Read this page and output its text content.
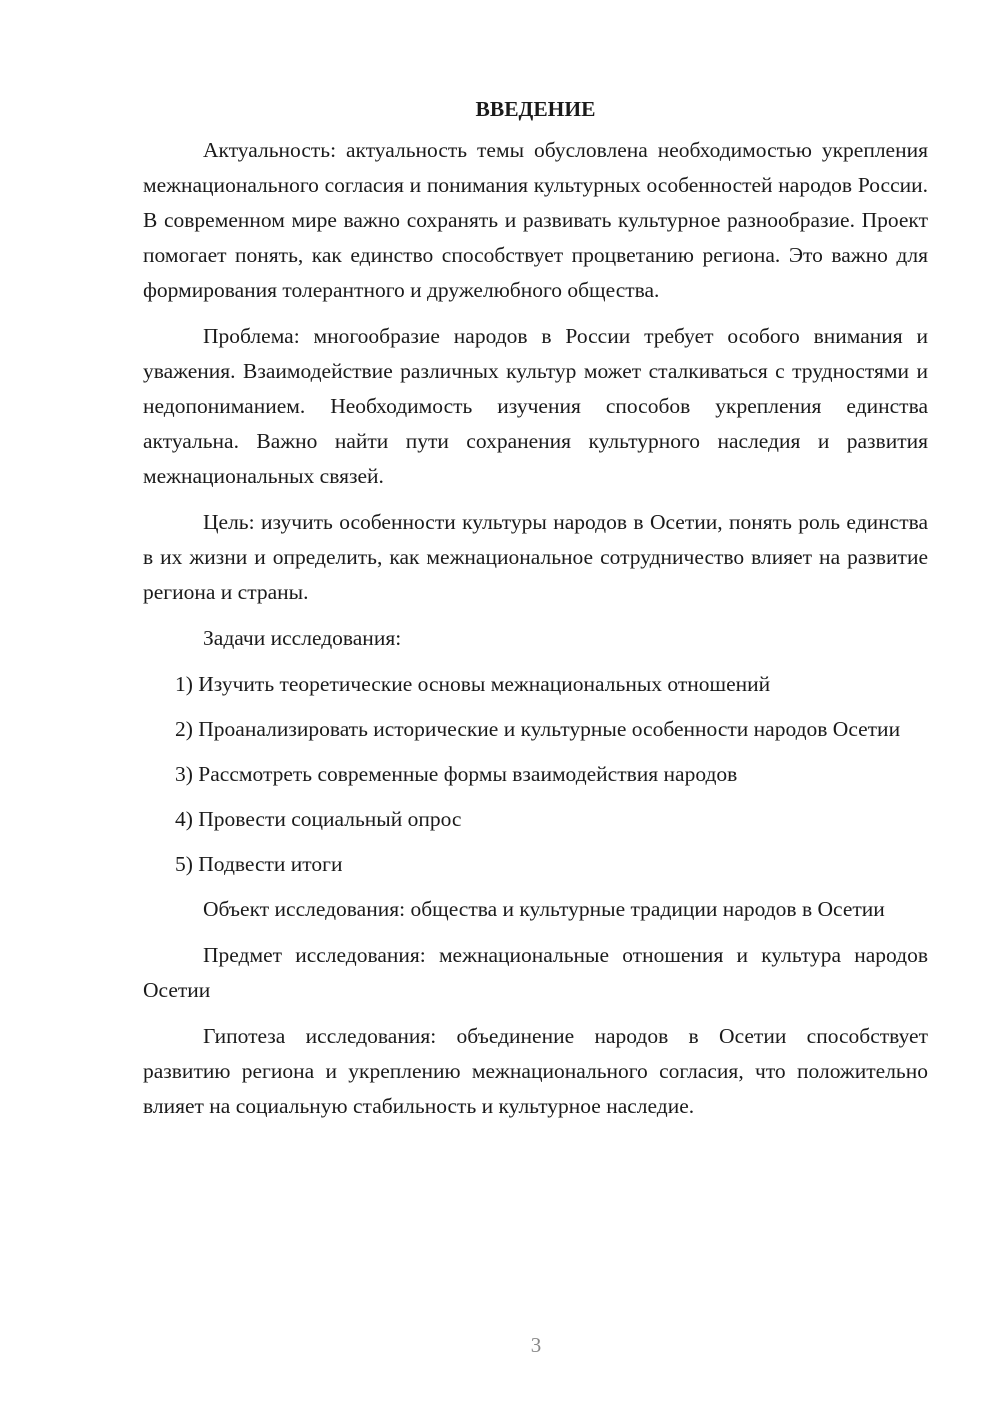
ВВЕДЕНИЕ

Актуальность: актуальность темы обусловлена необходимостью укрепления межнационального согласия и понимания культурных особенностей народов России. В современном мире важно сохранять и развивать культурное разнообразие. Проект помогает понять, как единство способствует процветанию региона. Это важно для формирования толерантного и дружелюбного общества.

Проблема: многообразие народов в России требует особого внимания и уважения. Взаимодействие различных культур может сталкиваться с трудностями и недопониманием. Необходимость изучения способов укрепления единства актуальна. Важно найти пути сохранения культурного наследия и развития межнациональных связей.

Цель: изучить особенности культуры народов в Осетии, понять роль единства в их жизни и определить, как межнациональное сотрудничество влияет на развитие региона и страны.

Задачи исследования:

1) Изучить теоретические основы межнациональных отношений

2) Проанализировать исторические и культурные особенности народов Осетии

3) Рассмотреть современные формы взаимодействия народов

4) Провести социальный опрос

5) Подвести итоги

Объект исследования: общества и культурные традиции народов в Осетии

Предмет исследования: межнациональные отношения и культура народов Осетии

Гипотеза исследования: объединение народов в Осетии способствует развитию региона и укреплению межнационального согласия, что положительно влияет на социальную стабильность и культурное наследие.

3
